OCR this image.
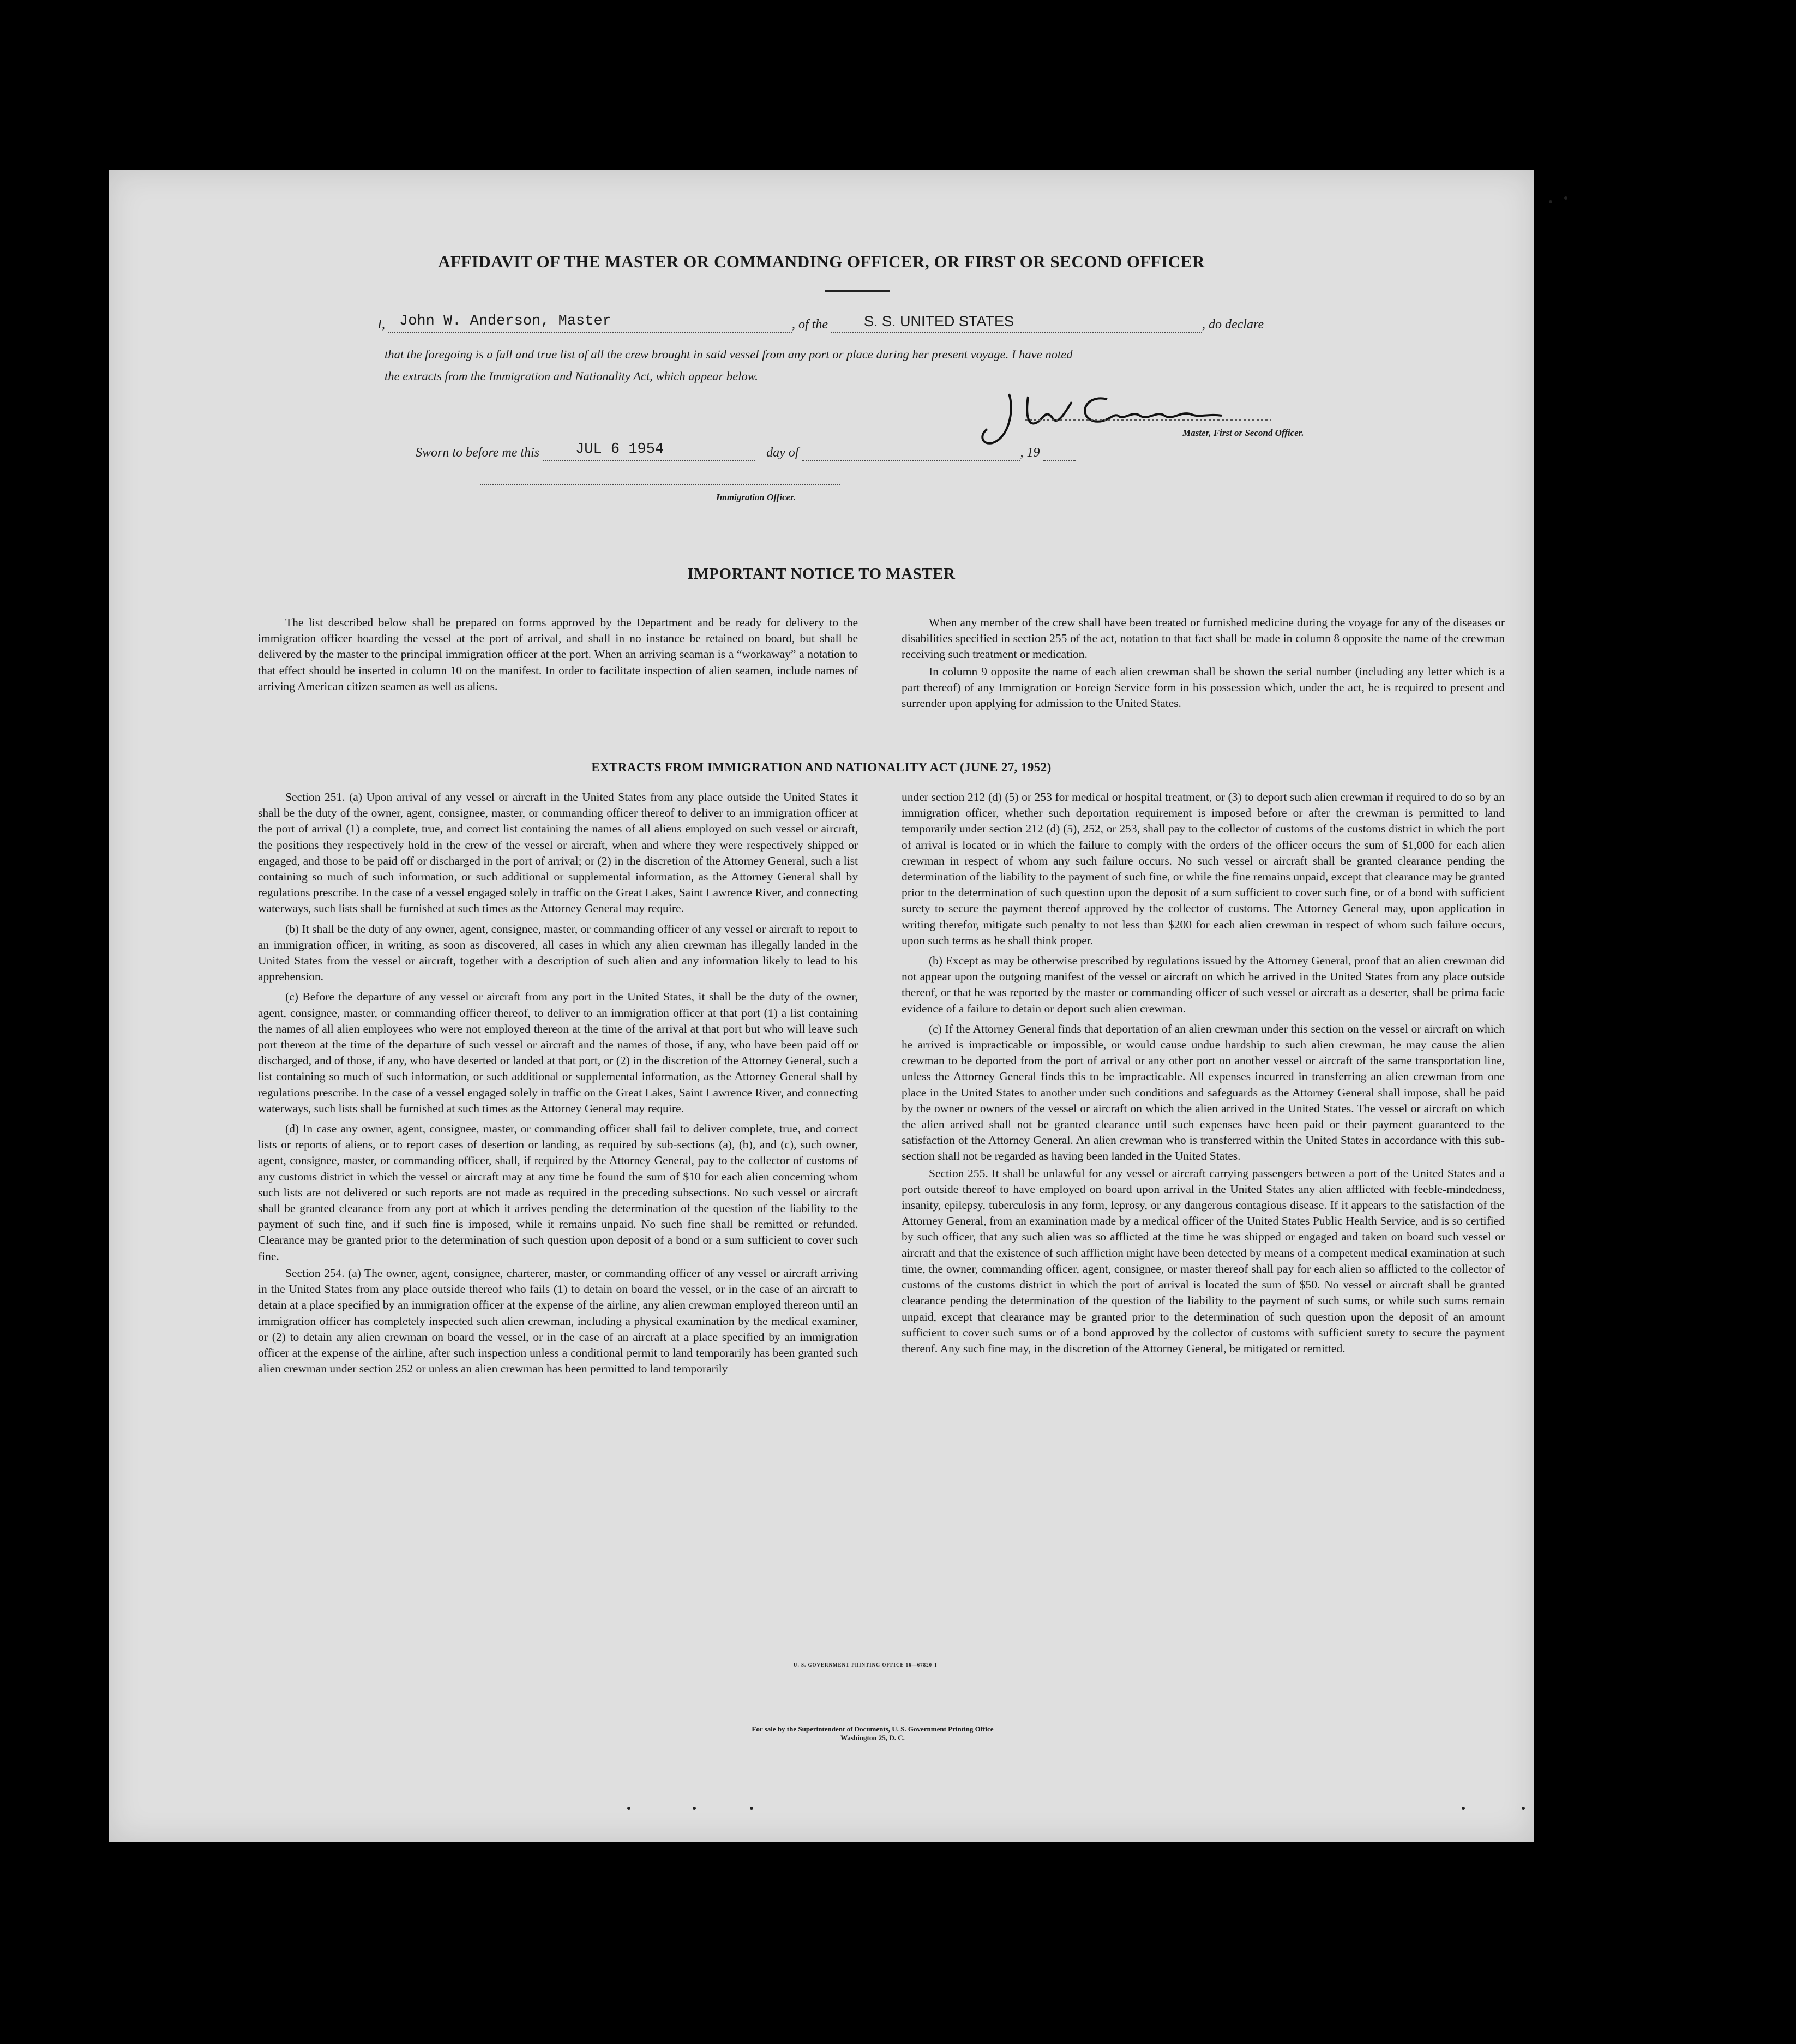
AFFIDAVIT OF THE MASTER OR COMMANDING OFFICER, OR FIRST OR SECOND OFFICER
I, John W. Anderson, Master	, of the S. S. UNITED STATES	, do declare
that the foregoing is a full and true list of all the crew brought in said vessel from any port or place during her present voyage. I have noted
the extracts from the Immigration and Nationality Act, which appear below.
Master, First or Second Officer.
Sworn to before me this JUL 6 1954	day of	, 19
Immigration Officer.
IMPORTANT NOTICE TO MASTER

The list described below shall be prepared on forms approved by the Department and be ready for delivery to the immigration officer boarding the vessel at the port of arrival, and shall in no instance be retained on board, but shall be delivered by the master to the principal immigration officer at the port. When an arriving seaman is a “workaway” a notation to that effect should be inserted in column 10 on the manifest. In order to facilitate inspection of alien seamen, include names of arriving American citizen seamen as well as aliens.

When any member of the crew shall have been treated or furnished medicine during the voyage for any of the diseases or disabilities specified in section 255 of the act, notation to that fact shall be made in column 8 opposite the name of the crewman receiving such treatment or medication.

In column 9 opposite the name of each alien crewman shall be shown the serial number (including any letter which is a part thereof) of any Immigration or Foreign Service form in his possession which, under the act, he is required to present and surrender upon applying for admission to the United States.

EXTRACTS FROM IMMIGRATION AND NATIONALITY ACT (JUNE 27, 1952)

Section 251. (a) Upon arrival of any vessel or aircraft in the United States from any place outside the United States it shall be the duty of the owner, agent, consignee, master, or commanding officer thereof to deliver to an immigration officer at the port of arrival (1) a complete, true, and correct list containing the names of all aliens employed on such vessel or aircraft, the positions they respectively hold in the crew of the vessel or aircraft, when and where they were respectively shipped or engaged, and those to be paid off or discharged in the port of arrival; or (2) in the discretion of the Attorney General, such a list containing so much of such information, or such additional or supplemental information, as the Attorney General shall by regulations prescribe. In the case of a vessel engaged solely in traffic on the Great Lakes, Saint Lawrence River, and connecting waterways, such lists shall be furnished at such times as the Attorney General may require.

(b) It shall be the duty of any owner, agent, consignee, master, or commanding officer of any vessel or aircraft to report to an immigration officer, in writing, as soon as discovered, all cases in which any alien crewman has illegally landed in the United States from the vessel or aircraft, together with a description of such alien and any information likely to lead to his apprehension.

(c) Before the departure of any vessel or aircraft from any port in the United States, it shall be the duty of the owner, agent, consignee, master, or commanding officer thereof, to deliver to an immigration officer at that port (1) a list containing the names of all alien employees who were not employed thereon at the time of the arrival at that port but who will leave such port thereon at the time of the departure of such vessel or aircraft and the names of those, if any, who have been paid off or discharged, and of those, if any, who have deserted or landed at that port, or (2) in the discretion of the Attorney General, such a list containing so much of such information, or such additional or supplemental information, as the Attorney General shall by regulations prescribe. In the case of a vessel engaged solely in traffic on the Great Lakes, Saint Lawrence River, and connecting waterways, such lists shall be furnished at such times as the Attorney General may require.

(d) In case any owner, agent, consignee, master, or commanding officer shall fail to deliver complete, true, and correct lists or reports of aliens, or to report cases of desertion or landing, as required by sub-sections (a), (b), and (c), such owner, agent, consignee, master, or commanding officer, shall, if required by the Attorney General, pay to the collector of customs of any customs district in which the vessel or aircraft may at any time be found the sum of $10 for each alien concerning whom such lists are not delivered or such reports are not made as required in the preceding subsections. No such vessel or aircraft shall be granted clearance from any port at which it arrives pending the determination of the question of the liability to the payment of such fine, and if such fine is imposed, while it remains unpaid. No such fine shall be remitted or refunded. Clearance may be granted prior to the determination of such question upon deposit of a bond or a sum sufficient to cover such fine.

Section 254. (a) The owner, agent, consignee, charterer, master, or commanding officer of any vessel or aircraft arriving in the United States from any place outside thereof who fails (1) to detain on board the vessel, or in the case of an aircraft to detain at a place specified by an immigration officer at the expense of the airline, any alien crewman employed thereon until an immigration officer has completely inspected such alien crewman, including a physical examination by the medical examiner, or (2) to detain any alien crewman on board the vessel, or in the case of an aircraft at a place specified by an immigration officer at the expense of the airline, after such inspection unless a conditional permit to land temporarily has been granted such alien crewman under section 252 or unless an alien crewman has been permitted to land temporarily

under section 212 (d) (5) or 253 for medical or hospital treatment, or (3) to deport such alien crewman if required to do so by an immigration officer, whether such deportation requirement is imposed before or after the crewman is permitted to land temporarily under section 212 (d) (5), 252, or 253, shall pay to the collector of customs of the customs district in which the port of arrival is located or in which the failure to comply with the orders of the officer occurs the sum of $1,000 for each alien crewman in respect of whom any such failure occurs. No such vessel or aircraft shall be granted clearance pending the determination of the liability to the payment of such fine, or while the fine remains unpaid, except that clearance may be granted prior to the determination of such question upon the deposit of a sum sufficient to cover such fine, or of a bond with sufficient surety to secure the payment thereof approved by the collector of customs. The Attorney General may, upon application in writing therefor, mitigate such penalty to not less than $200 for each alien crewman in respect of whom such failure occurs, upon such terms as he shall think proper.

(b) Except as may be otherwise prescribed by regulations issued by the Attorney General, proof that an alien crewman did not appear upon the outgoing manifest of the vessel or aircraft on which he arrived in the United States from any place outside thereof, or that he was reported by the master or commanding officer of such vessel or aircraft as a deserter, shall be prima facie evidence of a failure to detain or deport such alien crewman.

(c) If the Attorney General finds that deportation of an alien crewman under this section on the vessel or aircraft on which he arrived is impracticable or impossible, or would cause undue hardship to such alien crewman, he may cause the alien crewman to be deported from the port of arrival or any other port on another vessel or aircraft of the same transportation line, unless the Attorney General finds this to be impracticable. All expenses incurred in transferring an alien crewman from one place in the United States to another under such conditions and safeguards as the Attorney General shall impose, shall be paid by the owner or owners of the vessel or aircraft on which the alien arrived in the United States. The vessel or aircraft on which the alien arrived shall not be granted clearance until such expenses have been paid or their payment guaranteed to the satisfaction of the Attorney General. An alien crewman who is transferred within the United States in accordance with this sub-section shall not be regarded as having been landed in the United States.

Section 255. It shall be unlawful for any vessel or aircraft carrying passengers between a port of the United States and a port outside thereof to have employed on board upon arrival in the United States any alien afflicted with feeble-mindedness, insanity, epilepsy, tuberculosis in any form, leprosy, or any dangerous contagious disease. If it appears to the satisfaction of the Attorney General, from an examination made by a medical officer of the United States Public Health Service, and is so certified by such officer, that any such alien was so afflicted at the time he was shipped or engaged and taken on board such vessel or aircraft and that the existence of such affliction might have been detected by means of a competent medical examination at such time, the owner, commanding officer, agent, consignee, or master thereof shall pay for each alien so afflicted to the collector of customs of the customs district in which the port of arrival is located the sum of $50. No vessel or aircraft shall be granted clearance pending the determination of the question of the liability to the payment of such sums, or while such sums remain unpaid, except that clearance may be granted prior to the determination of such question upon the deposit of an amount sufficient to cover such sums or of a bond approved by the collector of customs with sufficient surety to secure the payment thereof. Any such fine may, in the discretion of the Attorney General, be mitigated or remitted.

U. S. GOVERNMENT PRINTING OFFICE 16—67820-1
For sale by the Superintendent of Documents, U. S. Government Printing Office
Washington 25, D. C.
